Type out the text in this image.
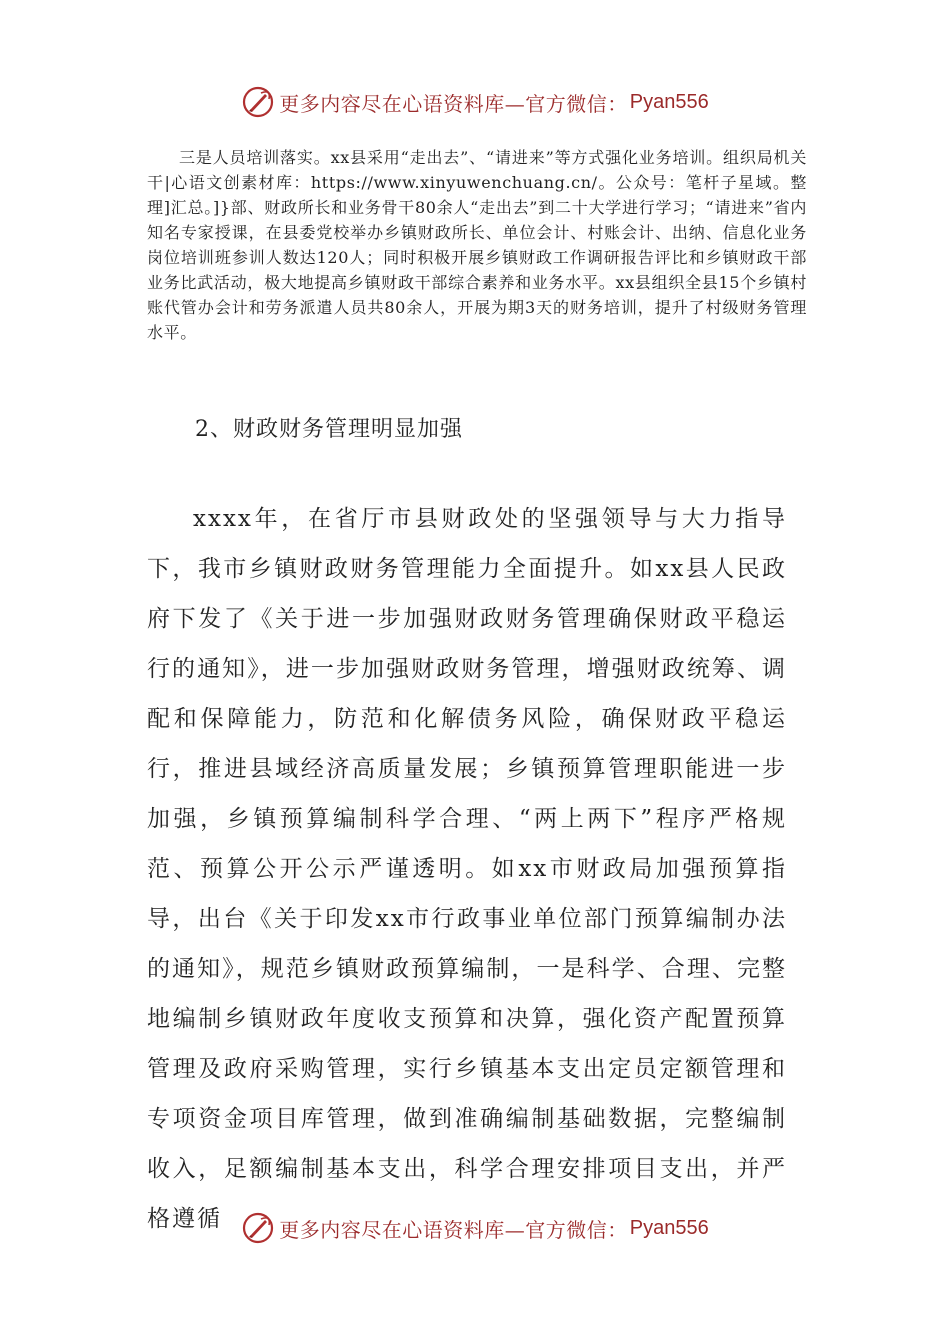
更多内容尽在心语资料库—官方微信： Pyan556

三是人员培训落实。xx县采用“走出去”、“请进来”等方式强化业务培训。组织局机关干|心语文创素材库：https://www.xinyuwenchuang.cn/。公众号：笔杆子星域。整理]汇总。]}部、财政所长和业务骨干80余人“走出去”到二十大学进行学习；“请进来”省内知名专家授课，在县委党校举办乡镇财政所长、单位会计、村账会计、出纳、信息化业务岗位培训班参训人数达120人；同时积极开展乡镇财政工作调研报告评比和乡镇财政干部业务比武活动，极大地提高乡镇财政干部综合素养和业务水平。xx县组织全县15个乡镇村账代管办会计和劳务派遣人员共80余人，开展为期3天的财务培训，提升了村级财务管理水平。

2、财政财务管理明显加强

xxxx年，在省厅市县财政处的坚强领导与大力指导下，我市乡镇财政财务管理能力全面提升。如xx县人民政府下发了《关于进一步加强财政财务管理确保财政平稳运行的通知》，进一步加强财政财务管理，增强财政统筹、调配和保障能力，防范和化解债务风险，确保财政平稳运行，推进县域经济高质量发展；乡镇预算管理职能进一步加强，乡镇预算编制科学合理、“两上两下”程序严格规范、预算公开公示严谨透明。如xx市财政局加强预算指导，出台《关于印发xx市行政事业单位部门预算编制办法的通知》，规范乡镇财政预算编制，一是科学、合理、完整地编制乡镇财政年度收支预算和决算，强化资产配置预算管理及政府采购管理，实行乡镇基本支出定员定额管理和专项资金项目库管理，做到准确编制基础数据，完整编制收入，足额编制基本支出，科学合理安排项目支出，并严格遵循	更多内容尽在心语资料库—官方微信： Pyan556
